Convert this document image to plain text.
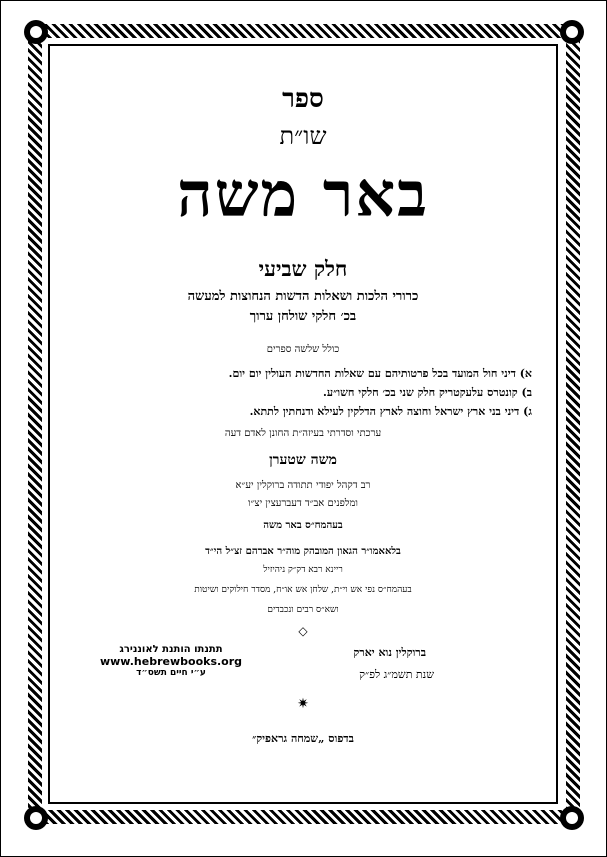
ספר
שו״ת
באר משה
חלק שביעי
כרורי הלכות ושאלות הדשות הנחוצות למעשה
בכ׳ חלקי שולחן ערוך
כולל שלשה ספרים
א) דיני חול המועד בכל פרטותיהם עם שאלות החדשות העולין יום יום.
ב) קונטרס עלעקטריק חלק שני בכ׳ חלקי חשו״ע.
ג) דיני בני ארץ ישראל וחוצה לארץ הדלקין לעילא ודנחתין לתתא.
ערכתי וסדרתי בעיזה״ת החונן לאדם דעה
משה שטערן
רב דקהל יפודי תתודה ברוקלין יע״א
ומלפנים אב״ד דעברעצין יצ״ו
בעהמח״ס באר משה
בלאאמו״ר הגאון המובהק מוה״ר אברהם זצ״ל הי״ד
ריינא רבא דק״ק ניהיזיל
בעהמח״ס נפי אש וי״ת, שלחן אש או״ח, מסדר חילוקים ושיטות
ושא״ס רבים ונכבדים
◇
ברוקלין נוא יארק
שנת תשמ״ג לפ״ק
תתנתו הותנת לאוננירג
www.hebrewbooks.org
ע״י חיים תשס״ד
✷
בדפוס „שמחה גראפיק״
